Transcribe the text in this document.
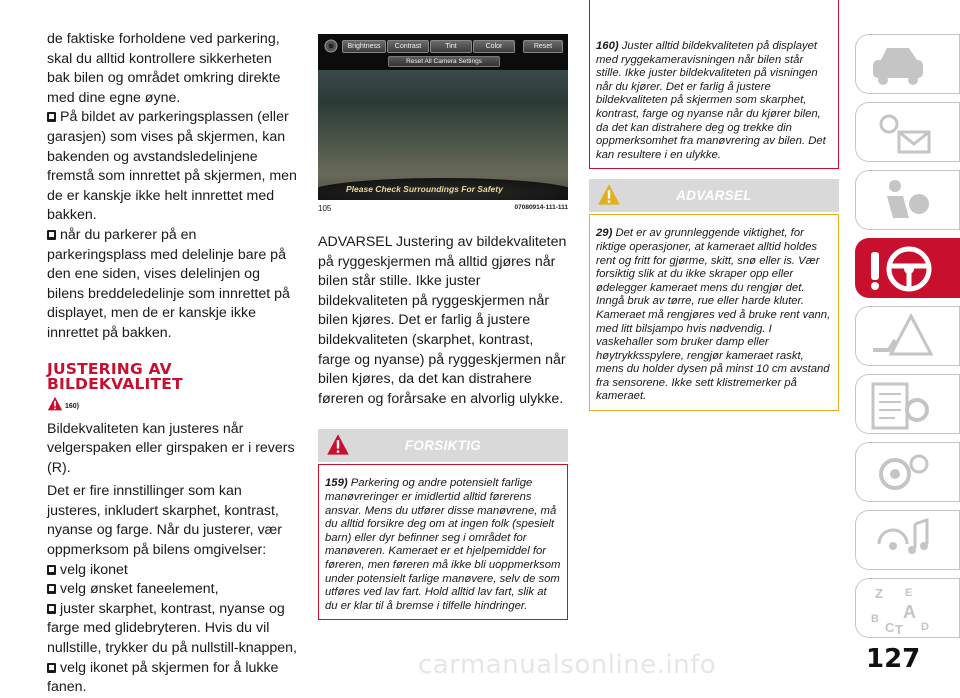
de faktiske forholdene ved parkering, skal du alltid kontrollere sikkerheten bak bilen og området omkring direkte med dine egne øyne.

På bildet av parkeringsplassen (eller garasjen) som vises på skjermen, kan bakenden og avstandsledelinjene fremstå som innrettet på skjermen, men de er kanskje ikke helt innrettet med bakken.

når du parkerer på en parkeringsplass med delelinje bare på den ene siden, vises delelinjen og bilens breddeledelinje som innrettet på displayet, men de er kanskje ikke innrettet på bakken.

JUSTERING AV
BILDEKVALITET
160)

Bildekvaliteten kan justeres når velgerspaken eller girspaken er i revers (R).

Det er fire innstillinger som kan justeres, inkludert skarphet, kontrast, nyanse og farge. Når du justerer, vær oppmerksom på bilens omgivelser:

velg ikonet

velg ønsket faneelement,

juster skarphet, kontrast, nyanse og farge med glidebryteren. Hvis du vil nullstille, trykker du på nullstill-knappen,

velg ikonet på skjermen for å lukke fanen.

Brightness	Contrast	Tint	Color	Reset
Reset All Camera Settings
Please Check Surroundings For Safety
105	07080914-111-111

ADVARSEL Justering av bildekvaliteten på ryggeskjermen må alltid gjøres når bilen står stille. Ikke juster bildekvaliteten på ryggeskjermen når bilen kjøres. Det er farlig å justere bildekvaliteten (skarphet, kontrast, farge og nyanse) på ryggeskjermen når bilen kjøres, da det kan distrahere føreren og forårsake en alvorlig ulykke.

FORSIKTIG
159) Parkering og andre potensielt farlige manøvreringer er imidlertid alltid førerens ansvar. Mens du utfører disse manøvrene, må du alltid forsikre deg om at ingen folk (spesielt barn) eller dyr befinner seg i området for manøveren. Kameraet er et hjelpemiddel for føreren, men føreren må ikke bli uoppmerksom under potensielt farlige manøvere, selv de som utføres ved lav fart. Hold alltid lav fart, slik at du er klar til å bremse i tilfelle hindringer.
160) Juster alltid bildekvaliteten på displayet med ryggekameravisningen når bilen står stille. Ikke juster bildekvaliteten på visningen når du kjører. Det er farlig å justere bildekvaliteten på skjermen som skarphet, kontrast, farge og nyanse når du kjører bilen, da det kan distrahere deg og trekke din oppmerksomhet fra manøvrering av bilen. Det kan resultere i en ulykke.
ADVARSEL
29) Det er av grunnleggende viktighet, for riktige operasjoner, at kameraet alltid holdes rent og fritt for gjørme, skitt, snø eller is. Vær forsiktig slik at du ikke skraper opp eller ødelegger kameraet mens du rengjør det. Inngå bruk av tørre, rue eller harde kluter. Kameraet må rengjøres ved å bruke rent vann, med litt bilsjampo hvis nødvendig. I vaskehaller som bruker damp eller høytrykksspylere, rengjør kameraet raskt, mens du holder dysen på minst 10 cm avstand fra sensorene. Ikke sett klistremerker på kameraet.
Z E
B A
C T D
carmanualsonline.info	127
